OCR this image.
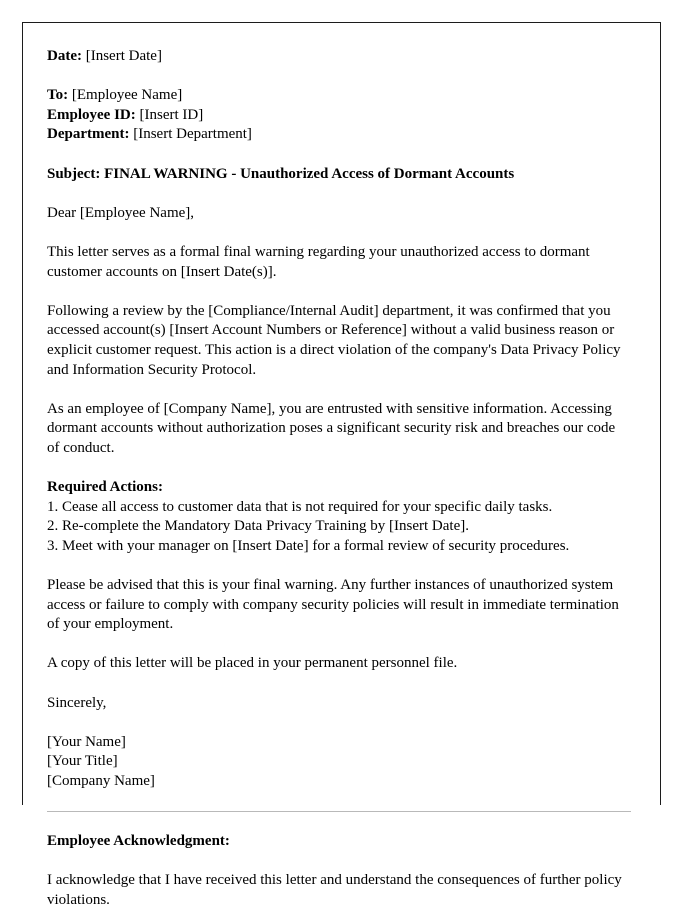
Date: [Insert Date]

To: [Employee Name]

Employee ID: [Insert ID]

Department: [Insert Department]

Subject: FINAL WARNING - Unauthorized Access of Dormant Accounts

Dear [Employee Name],

This letter serves as a formal final warning regarding your unauthorized access to dormant customer accounts on [Insert Date(s)].

Following a review by the [Compliance/Internal Audit] department, it was confirmed that you accessed account(s) [Insert Account Numbers or Reference] without a valid business reason or explicit customer request. This action is a direct violation of the company's Data Privacy Policy and Information Security Protocol.

As an employee of [Company Name], you are entrusted with sensitive information. Accessing dormant accounts without authorization poses a significant security risk and breaches our code of conduct.

Required Actions:

1. Cease all access to customer data that is not required for your specific daily tasks.
2. Re-complete the Mandatory Data Privacy Training by [Insert Date].
3. Meet with your manager on [Insert Date] for a formal review of security procedures.

Please be advised that this is your final warning. Any further instances of unauthorized system access or failure to comply with company security policies will result in immediate termination of your employment.

A copy of this letter will be placed in your permanent personnel file.

Sincerely,

[Your Name]

[Your Title]

[Company Name]

Employee Acknowledgment:

I acknowledge that I have received this letter and understand the consequences of further policy violations.
